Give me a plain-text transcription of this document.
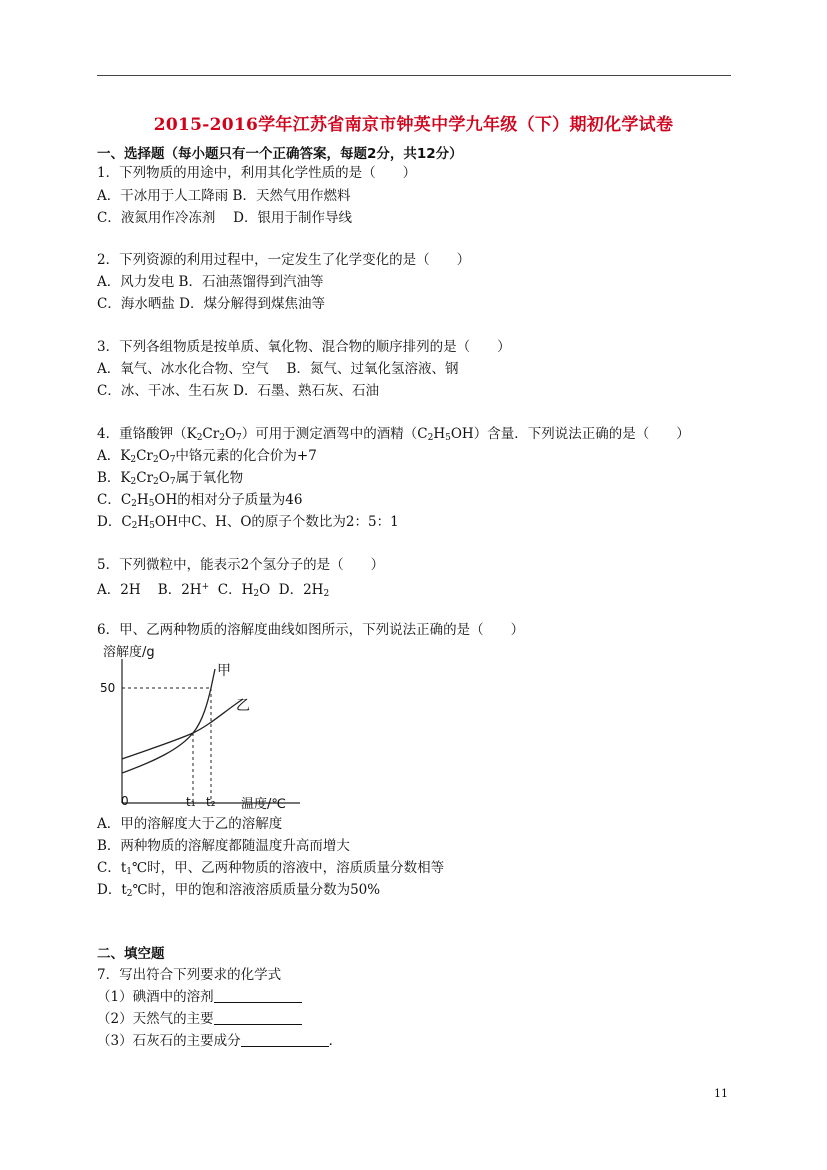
2015-2016学年江苏省南京市钟英中学九年级（下）期初化学试卷
一、选择题（每小题只有一个正确答案，每题2分，共12分）
1．下列物质的用途中，利用其化学性质的是（　　）
A．干冰用于人工降雨 B．天然气用作燃料
C．液氮用作冷冻剂　 D．银用于制作导线
2．下列资源的利用过程中，一定发生了化学变化的是（　　）
A．风力发电 B．石油蒸馏得到汽油等
C．海水晒盐 D．煤分解得到煤焦油等
3．下列各组物质是按单质、氧化物、混合物的顺序排列的是（　　）
A．氧气、冰水化合物、空气　 B．氮气、过氧化氢溶液、钢
C．冰、干冰、生石灰 D．石墨、熟石灰、石油
4．重铬酸钾$(K_2Cr_2O_7)$可用于测定酒驾中的酒精$(C_2H_5OH)$含量．下列说法正确的是（　　）
A．$K_2Cr_2O_7$中铬元素的化合价为+7
B．$K_2Cr_2O_7$属于氧化物
C．$C_2H_5OH$的相对分子质量为46
D．$C_2H_5OH$中C、H、O的原子个数比为2：5：1
5．下列微粒中，能表示2个氢分子的是（　　）
A．2H B．2H+ C．$H_2O$ D．$2H_2$
6．甲、乙两种物质的溶解度曲线如图所示，下列说法正确的是（　　）
溶解度/g
50
0	t₁ t₂ 温度/℃
甲
乙
A．甲的溶解度大于乙的溶解度
B．两种物质的溶解度都随温度升高而增大
C．$t_1℃$时，甲、乙两种物质的溶液中，溶质质量分数相等
D．$t_2℃$时，甲的饱和溶液溶质质量分数为50%
二、填空题
7．写出符合下列要求的化学式
（1）碘酒中的溶剂
（2）天然气的主要
（3）石灰石的主要成分	．
11
